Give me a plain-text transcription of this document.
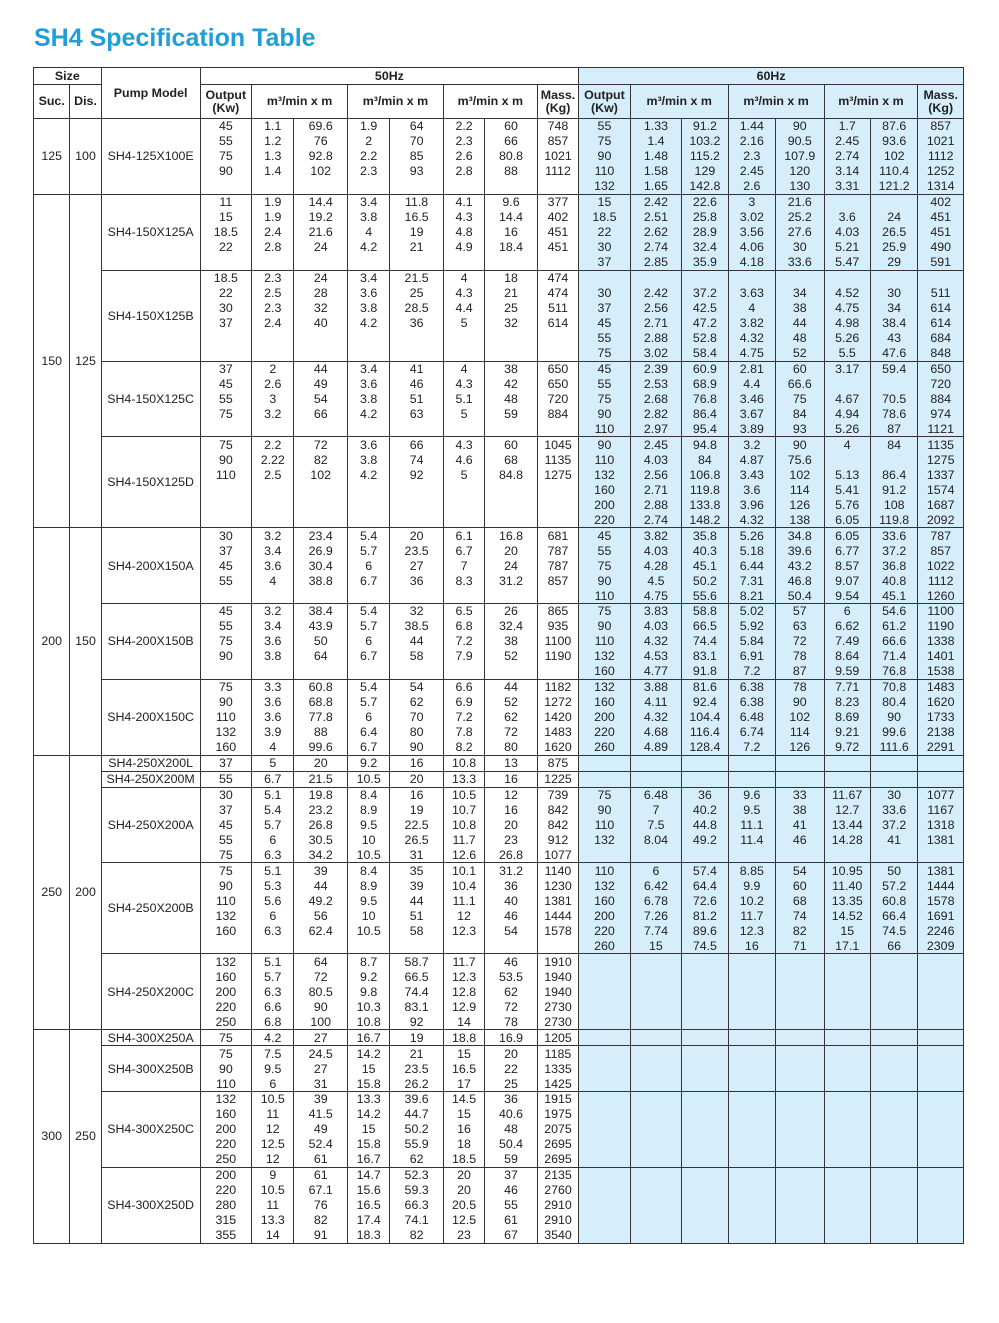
SH4 Specification Table
Size		Pump Model	50Hz								60Hz							
Suc.	Dis.		Output (Kw)	m³/min x m		m³/min x m		m³/min x m		Mass. (Kg)	Output (Kw)	m³/min x m		m³/min x m		m³/min x m		Mass. (Kg)
125	100	SH4-125X100E	45	1.1	69.6	1.9	64	2.2	60	748	55	1.33	91.2	1.44	90	1.7	87.6	857
			55	1.2	76	2	70	2.3	66	857	75	1.4	103.2	2.16	90.5	2.45	93.6	1021
			75	1.3	92.8	2.2	85	2.6	80.8	1021	90	1.48	115.2	2.3	107.9	2.74	102	1112
			90	1.4	102	2.3	93	2.8	88	1112	110	1.58	129	2.45	120	3.14	110.4	1252
											132	1.65	142.8	2.6	130	3.31	121.2	1314
150	125	SH4-150X125A	11	1.9	14.4	3.4	11.8	4.1	9.6	377	15	2.42	22.6	3	21.6			402
			15	1.9	19.2	3.8	16.5	4.3	14.4	402	18.5	2.51	25.8	3.02	25.2	3.6	24	451
			18.5	2.4	21.6	4	19	4.8	16	451	22	2.62	28.9	3.56	27.6	4.03	26.5	451
			22	2.8	24	4.2	21	4.9	18.4	451	30	2.74	32.4	4.06	30	5.21	25.9	490
											37	2.85	35.9	4.18	33.6	5.47	29	591
		SH4-150X125B	18.5	2.3	24	3.4	21.5	4	18	474								
			22	2.5	28	3.6	25	4.3	21	474	30	2.42	37.2	3.63	34	4.52	30	511
			30	2.3	32	3.8	28.5	4.4	25	511	37	2.56	42.5	4	38	4.75	34	614
			37	2.4	40	4.2	36	5	32	614	45	2.71	47.2	3.82	44	4.98	38.4	614
											55	2.88	52.8	4.32	48	5.26	43	684
											75	3.02	58.4	4.75	52	5.5	47.6	848
		SH4-150X125C	37	2	44	3.4	41	4	38	650	45	2.39	60.9	2.81	60	3.17	59.4	650
			45	2.6	49	3.6	46	4.3	42	650	55	2.53	68.9	4.4	66.6			720
			55	3	54	3.8	51	5.1	48	720	75	2.68	76.8	3.46	75	4.67	70.5	884
			75	3.2	66	4.2	63	5	59	884	90	2.82	86.4	3.67	84	4.94	78.6	974
											110	2.97	95.4	3.89	93	5.26	87	1121
		SH4-150X125D	75	2.2	72	3.6	66	4.3	60	1045	90	2.45	94.8	3.2	90	4	84	1135
			90	2.22	82	3.8	74	4.6	68	1135	110	4.03	84	4.87	75.6			1275
			110	2.5	102	4.2	92	5	84.8	1275	132	2.56	106.8	3.43	102	5.13	86.4	1337
											160	2.71	119.8	3.6	114	5.41	91.2	1574
											200	2.88	133.8	3.96	126	5.76	108	1687
											220	2.74	148.2	4.32	138	6.05	119.8	2092
200	150	SH4-200X150A	30	3.2	23.4	5.4	20	6.1	16.8	681	45	3.82	35.8	5.26	34.8	6.05	33.6	787
			37	3.4	26.9	5.7	23.5	6.7	20	787	55	4.03	40.3	5.18	39.6	6.77	37.2	857
			45	3.6	30.4	6	27	7	24	787	75	4.28	45.1	6.44	43.2	8.57	36.8	1022
			55	4	38.8	6.7	36	8.3	31.2	857	90	4.5	50.2	7.31	46.8	9.07	40.8	1112
											110	4.75	55.6	8.21	50.4	9.54	45.1	1260
		SH4-200X150B	45	3.2	38.4	5.4	32	6.5	26	865	75	3.83	58.8	5.02	57	6	54.6	1100
			55	3.4	43.9	5.7	38.5	6.8	32.4	935	90	4.03	66.5	5.92	63	6.62	61.2	1190
			75	3.6	50	6	44	7.2	38	1100	110	4.32	74.4	5.84	72	7.49	66.6	1338
			90	3.8	64	6.7	58	7.9	52	1190	132	4.53	83.1	6.91	78	8.64	71.4	1401
											160	4.77	91.8	7.2	87	9.59	76.8	1538
		SH4-200X150C	75	3.3	60.8	5.4	54	6.6	44	1182	132	3.88	81.6	6.38	78	7.71	70.8	1483
			90	3.6	68.8	5.7	62	6.9	52	1272	160	4.11	92.4	6.38	90	8.23	80.4	1620
			110	3.6	77.8	6	70	7.2	62	1420	200	4.32	104.4	6.48	102	8.69	90	1733
			132	3.9	88	6.4	80	7.8	72	1483	220	4.68	116.4	6.74	114	9.21	99.6	2138
			160	4	99.6	6.7	90	8.2	80	1620	260	4.89	128.4	7.2	126	9.72	111.6	2291
250	200	SH4-250X200L	37	5	20	9.2	16	10.8	13	875								
		SH4-250X200M	55	6.7	21.5	10.5	20	13.3	16	1225								
		SH4-250X200A	30	5.1	19.8	8.4	16	10.5	12	739	75	6.48	36	9.6	33	11.67	30	1077
			37	5.4	23.2	8.9	19	10.7	16	842	90	7	40.2	9.5	38	12.7	33.6	1167
			45	5.7	26.8	9.5	22.5	10.8	20	842	110	7.5	44.8	11.1	41	13.44	37.2	1318
			55	6	30.5	10	26.5	11.7	23	912	132	8.04	49.2	11.4	46	14.28	41	1381
			75	6.3	34.2	10.5	31	12.6	26.8	1077								
		SH4-250X200B	75	5.1	39	8.4	35	10.1	31.2	1140	110	6	57.4	8.85	54	10.95	50	1381
			90	5.3	44	8.9	39	10.4	36	1230	132	6.42	64.4	9.9	60	11.40	57.2	1444
			110	5.6	49.2	9.5	44	11.1	40	1381	160	6.78	72.6	10.2	68	13.35	60.8	1578
			132	6	56	10	51	12	46	1444	200	7.26	81.2	11.7	74	14.52	66.4	1691
			160	6.3	62.4	10.5	58	12.3	54	1578	220	7.74	89.6	12.3	82	15	74.5	2246
											260	15	74.5	16	71	17.1	66	2309
		SH4-250X200C	132	5.1	64	8.7	58.7	11.7	46	1910								
			160	5.7	72	9.2	66.5	12.3	53.5	1940								
			200	6.3	80.5	9.8	74.4	12.8	62	1940								
			220	6.6	90	10.3	83.1	12.9	72	2730								
			250	6.8	100	10.8	92	14	78	2730								
300	250	SH4-300X250A	75	4.2	27	16.7	19	18.8	16.9	1205								
		SH4-300X250B	75	7.5	24.5	14.2	21	15	20	1185								
			90	9.5	27	15	23.5	16.5	22	1335								
			110	6	31	15.8	26.2	17	25	1425								
		SH4-300X250C	132	10.5	39	13.3	39.6	14.5	36	1915								
			160	11	41.5	14.2	44.7	15	40.6	1975								
			200	12	49	15	50.2	16	48	2075								
			220	12.5	52.4	15.8	55.9	18	50.4	2695								
			250	12	61	16.7	62	18.5	59	2695								
		SH4-300X250D	200	9	61	14.7	52.3	20	37	2135								
			220	10.5	67.1	15.6	59.3	20	46	2760								
			280	11	76	16.5	66.3	20.5	55	2910								
			315	13.3	82	17.4	74.1	12.5	61	2910								
			355	14	91	18.3	82	23	67	3540								
